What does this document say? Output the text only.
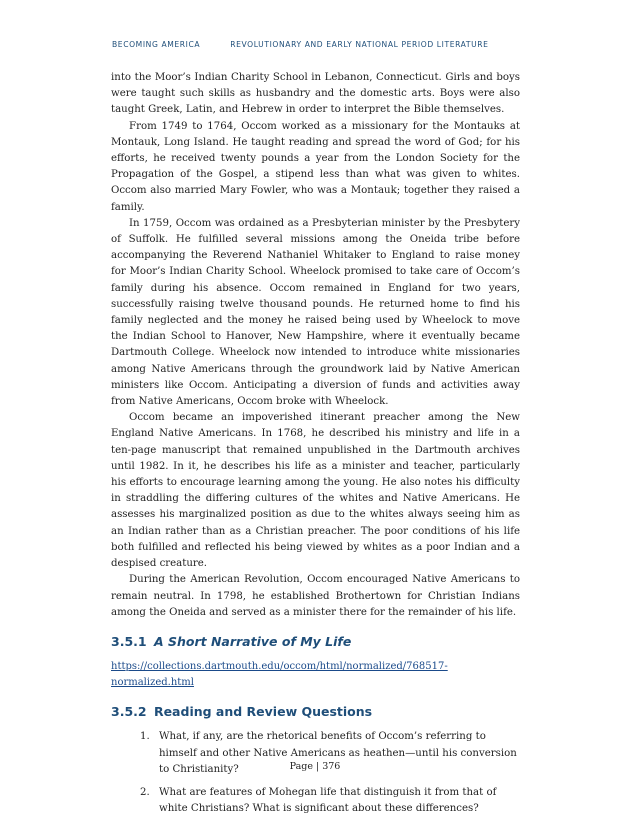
BECOMING AMERICA	REVOLUTIONARY AND EARLY NATIONAL PERIOD LITERATURE

into the Moor’s Indian Charity School in Lebanon, Connecticut. Girls and boys were taught such skills as husbandry and the domestic arts. Boys were also taught Greek, Latin, and Hebrew in order to interpret the Bible themselves.

From 1749 to 1764, Occom worked as a missionary for the Montauks at Montauk, Long Island. He taught reading and spread the word of God; for his efforts, he received twenty pounds a year from the London Society for the Propagation of the Gospel, a stipend less than what was given to whites. Occom also married Mary Fowler, who was a Montauk; together they raised a family.

In 1759, Occom was ordained as a Presbyterian minister by the Presbytery of Suffolk. He fulfilled several missions among the Oneida tribe before accompanying the Reverend Nathaniel Whitaker to England to raise money for Moor’s Indian Charity School. Wheelock promised to take care of Occom’s family during his absence. Occom remained in England for two years, successfully raising twelve thousand pounds. He returned home to find his family neglected and the money he raised being used by Wheelock to move the Indian School to Hanover, New Hampshire, where it eventually became Dartmouth College. Wheelock now intended to introduce white missionaries among Native Americans through the groundwork laid by Native American ministers like Occom. Anticipating a diversion of funds and activities away from Native Americans, Occom broke with Wheelock.

Occom became an impoverished itinerant preacher among the New England Native Americans. In 1768, he described his ministry and life in a ten-page manuscript that remained unpublished in the Dartmouth archives until 1982. In it, he describes his life as a minister and teacher, particularly his efforts to encourage learning among the young. He also notes his difficulty in straddling the differing cultures of the whites and Native Americans. He assesses his marginalized position as due to the whites always seeing him as an Indian rather than as a Christian preacher. The poor conditions of his life both fulfilled and reflected his being viewed by whites as a poor Indian and a despised creature.

During the American Revolution, Occom encouraged Native Americans to remain neutral. In 1798, he established Brothertown for Christian Indians among the Oneida and served as a minister there for the remainder of his life.

3.5.1 A Short Narrative of My Life

https://collections.dartmouth.edu/occom/html/normalized/768517-normalized.html

3.5.2 Reading and Review Questions
1. What, if any, are the rhetorical benefits of Occom’s referring to himself and other Native Americans as heathen—until his conversion to Christianity?
2. What are features of Mohegan life that distinguish it from that of white Christians? What is significant about these differences?
Page | 376
